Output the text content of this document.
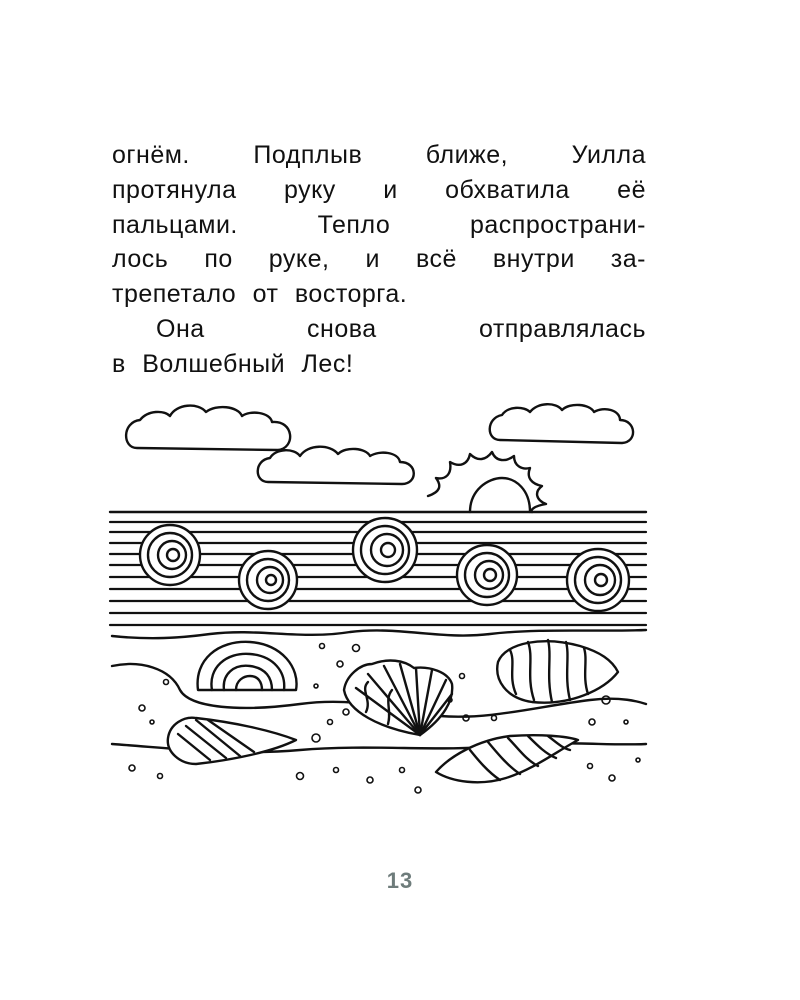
огнём. Подплыв ближе, Уилла
протянула руку и обхватила её
пальцами. Тепло распространи-
лось по руке, и всё внутри за-
трепетало от восторга.
Она снова отправлялась
в Волшебный Лес!
13
